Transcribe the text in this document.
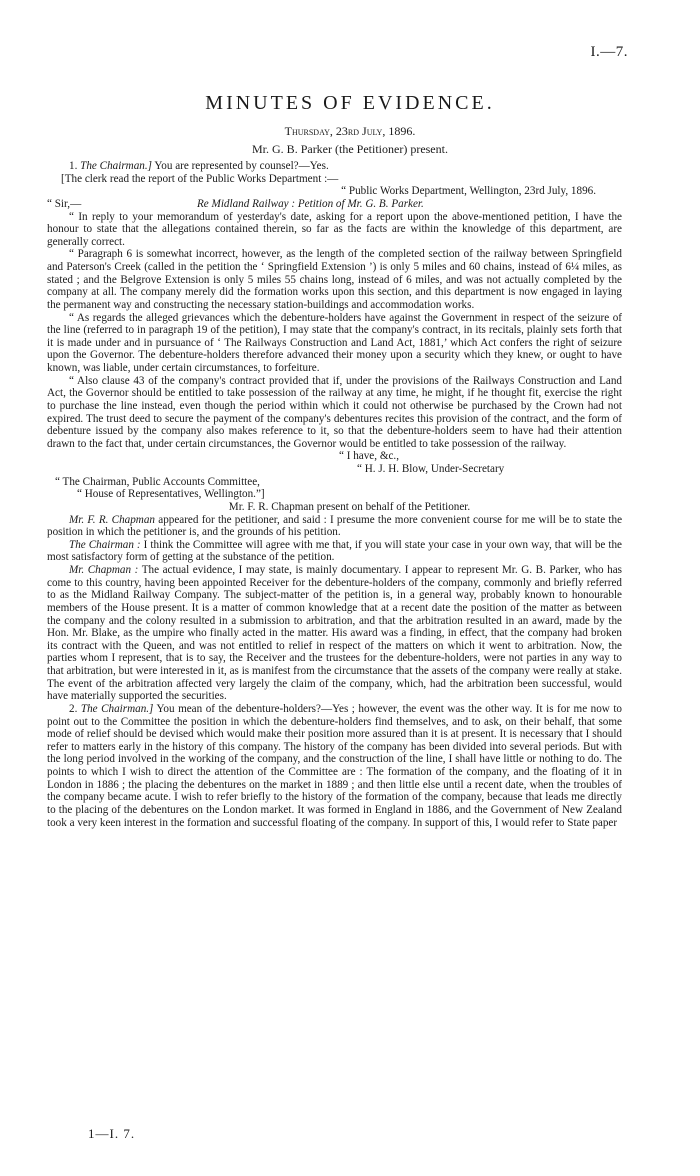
I.—7.
MINUTES OF EVIDENCE.
Thursday, 23rd July, 1896.
Mr. G. B. Parker (the Petitioner) present.

1. The Chairman.] You are represented by counsel?—Yes.

[The clerk read the report of the Public Works Department :—

“ Public Works Department, Wellington, 23rd July, 1896.

“ Sir,—	Re Midland Railway : Petition of Mr. G. B. Parker.

“ In reply to your memorandum of yesterday's date, asking for a report upon the above-mentioned petition, I have the honour to state that the allegations contained therein, so far as the facts are within the knowledge of this department, are generally correct.

“ Paragraph 6 is somewhat incorrect, however, as the length of the completed section of the railway between Springfield and Paterson's Creek (called in the petition the ‘ Springfield Extension ’) is only 5 miles and 60 chains, instead of 6¼ miles, as stated ; and the Belgrove Extension is only 5 miles 55 chains long, instead of 6 miles, and was not actually completed by the company at all. The company merely did the formation works upon this section, and this department is now engaged in laying the permanent way and constructing the necessary station-buildings and accommodation works.

“ As regards the alleged grievances which the debenture-holders have against the Government in respect of the seizure of the line (referred to in paragraph 19 of the petition), I may state that the company's contract, in its recitals, plainly sets forth that it is made under and in pursuance of ‘ The Railways Construction and Land Act, 1881,’ which Act confers the right of seizure upon the Governor. The debenture-holders therefore advanced their money upon a security which they knew, or ought to have known, was liable, under certain circumstances, to forfeiture.

“ Also clause 43 of the company's contract provided that if, under the provisions of the Railways Construction and Land Act, the Governor should be entitled to take possession of the railway at any time, he might, if he thought fit, exercise the right to purchase the line instead, even though the period within which it could not otherwise be purchased by the Crown had not expired. The trust deed to secure the payment of the company's debentures recites this provision of the contract, and the form of debenture issued by the company also makes reference to it, so that the debenture-holders seem to have had their attention drawn to the fact that, under certain circumstances, the Governor would be entitled to take possession of the railway.

“ I have, &c.,

“ H. J. H. Blow, Under-Secretary

“ The Chairman, Public Accounts Committee,

“ House of Representatives, Wellington.”]

Mr. F. R. Chapman present on behalf of the Petitioner.

Mr. F. R. Chapman appeared for the petitioner, and said : I presume the more convenient course for me will be to state the position in which the petitioner is, and the grounds of his petition.

The Chairman : I think the Committee will agree with me that, if you will state your case in your own way, that will be the most satisfactory form of getting at the substance of the petition.

Mr. Chapman : The actual evidence, I may state, is mainly documentary. I appear to represent Mr. G. B. Parker, who has come to this country, having been appointed Receiver for the debenture-holders of the company, commonly and briefly referred to as the Midland Railway Company. The subject-matter of the petition is, in a general way, probably known to honourable members of the House present. It is a matter of common knowledge that at a recent date the position of the matter as between the company and the colony resulted in a submission to arbitration, and that the arbitration resulted in an award, made by the Hon. Mr. Blake, as the umpire who finally acted in the matter. His award was a finding, in effect, that the company had broken its contract with the Queen, and was not entitled to relief in respect of the matters on which it went to arbitration. Now, the parties whom I represent, that is to say, the Receiver and the trustees for the debenture-holders, were not parties in any way to that arbitration, but were interested in it, as is manifest from the circumstance that the assets of the company were really at stake. The event of the arbitration affected very largely the claim of the company, which, had the arbitration been successful, would have materially supported the securities.

2. The Chairman.] You mean of the debenture-holders?—Yes ; however, the event was the other way. It is for me now to point out to the Committee the position in which the debenture-holders find themselves, and to ask, on their behalf, that some mode of relief should be devised which would make their position more assured than it is at present. It is necessary that I should refer to matters early in the history of this company. The history of the company has been divided into several periods. But with the long period involved in the working of the company, and the construction of the line, I shall have little or nothing to do. The points to which I wish to direct the attention of the Committee are : The formation of the company, and the floating of it in London in 1886 ; the placing the debentures on the market in 1889 ; and then little else until a recent date, when the troubles of the company became acute. I wish to refer briefly to the history of the formation of the company, because that leads me directly to the placing of the debentures on the London market. It was formed in England in 1886, and the Government of New Zealand took a very keen interest in the formation and successful floating of the company. In support of this, I would refer to State paper

1—I. 7.
